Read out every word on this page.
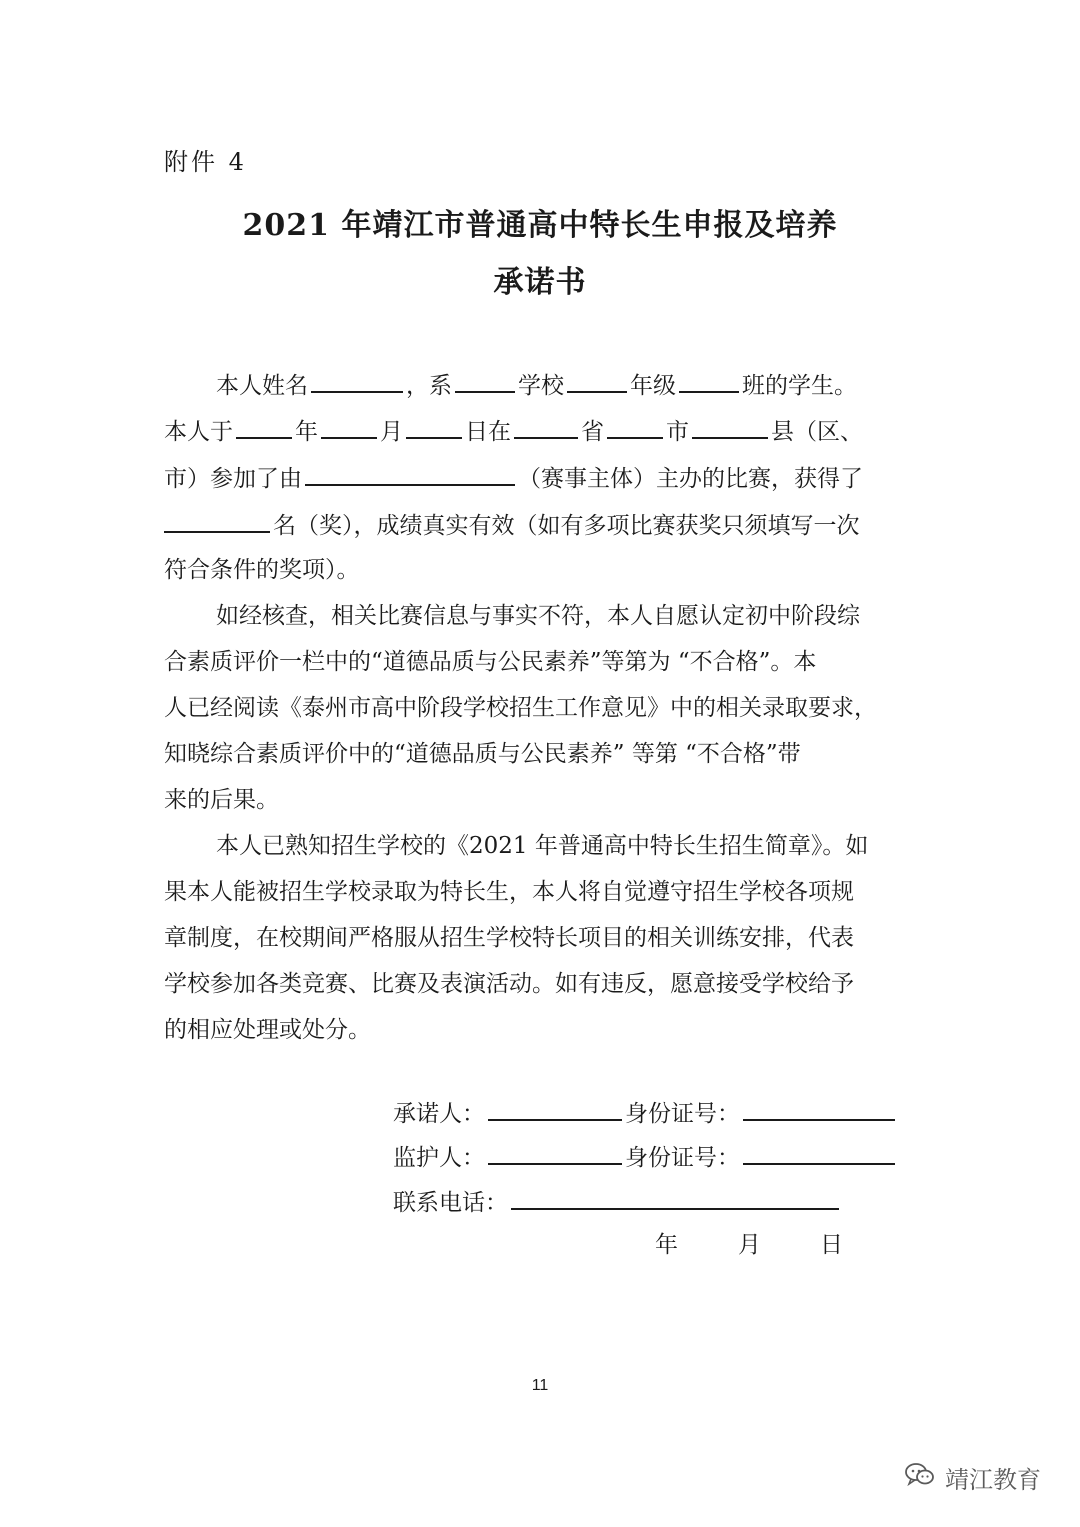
附件 4
2021 年靖江市普通高中特长生申报及培养
承诺书
本人姓名	，系	学校	年级	班的学生。
本人于	年	月	日在	省	市	县（区、
市）参加了由	（赛事主体）主办的比赛，获得了
名（奖），成绩真实有效（如有多项比赛获奖只须填写一次
符合条件的奖项）。
如经核查，相关比赛信息与事实不符，本人自愿认定初中阶段综
合素质评价一栏中的“道德品质与公民素养”等第为 “不合格”。本
人已经阅读《泰州市高中阶段学校招生工作意见》中的相关录取要求，
知晓综合素质评价中的“道德品质与公民素养” 等第 “不合格”带
来的后果。
本人已熟知招生学校的《2021 年普通高中特长生招生简章》。如
果本人能被招生学校录取为特长生，本人将自觉遵守招生学校各项规
章制度，在校期间严格服从招生学校特长项目的相关训练安排，代表
学校参加各类竞赛、比赛及表演活动。如有违反，愿意接受学校给予
的相应处理或处分。
承诺人：	身份证号：
监护人：	身份证号：
联系电话：
年	月	日
11
靖江教育
